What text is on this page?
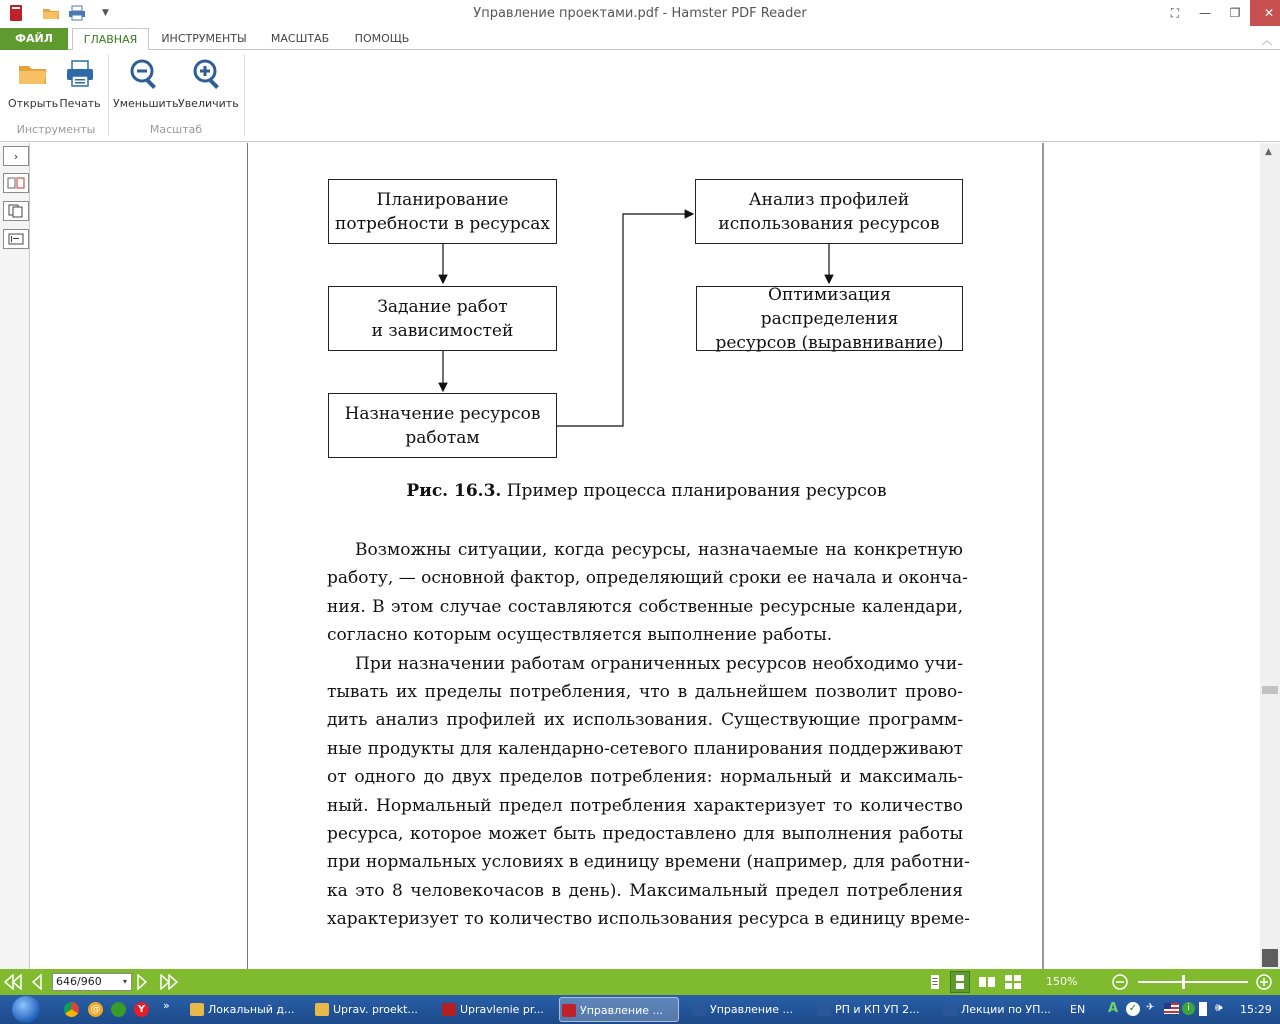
▼	Управление проектами.pdf - Hamster PDF Reader	⛶	—	❐	✕
ФАЙЛ	ГЛАВНАЯ	ИНСТРУМЕНТЫ	МАСШТАБ	ПОМОЩЬ	︿
Открыть Печать
Инструменты
Уменьшить Увеличить
Масштаб
›
Планирование
потребности в ресурсах
Задание работ
и зависимостей
Назначение ресурсов
работам
Анализ профилей
использования ресурсов
Оптимизация распределения
ресурсов (выравнивание)
Рис. 16.3. Пример процесса планирования ресурсов
Возможны ситуации, когда ресурсы, назначаемые на конкретную
работу, — основной фактор, определяющий сроки ее начала и оконча-
ния. В этом случае составляются собственные ресурсные календари,
согласно которым осуществляется выполнение работы.
При назначении работам ограниченных ресурсов необходимо учи-
тывать их пределы потребления, что в дальнейшем позволит прово-
дить анализ профилей их использования. Существующие программ-
ные продукты для календарно-сетевого планирования поддерживают
от одного до двух пределов потребления: нормальный и максималь-
ный. Нормальный предел потребления характеризует то количество
ресурса, которое может быть предоставлено для выполнения работы
при нормальных условиях в единицу времени (например, для работни-
ка это 8 человекочасов в день). Максимальный предел потребления
характеризует то количество использования ресурса в единицу време-
▲
646/960	▾	150%
@	Y	»	Локальный д...	Uprav. proekt...	Upravlenie pr...	Управление ...	Управление ...	РП и КП УП 2...	Лекции по УП...	EN A ✓ ✈	i	🕪 15:29
